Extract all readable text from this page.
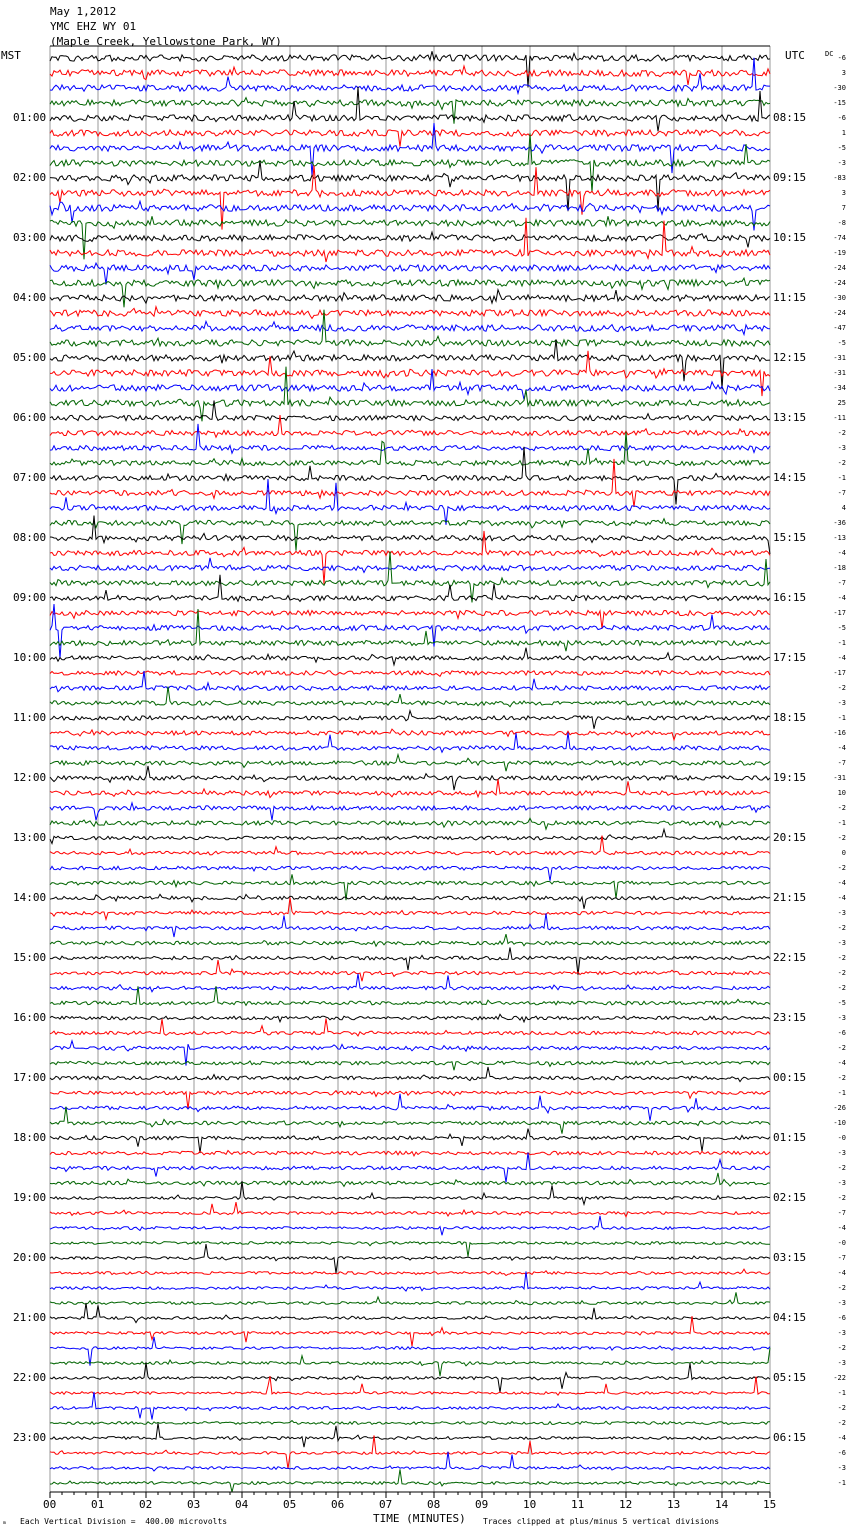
May 1,2012
YMC EHZ WY 01
(Maple Creek, Yellowstone Park, WY)
MST	UTC	DC
01:00
02:00
03:00
04:00
05:00
06:00
07:00
08:00
09:00
10:00
11:00
12:00
13:00
14:00
15:00
16:00
17:00
18:00
19:00
20:00
21:00
22:00
23:00
08:15
09:15
10:15
11:15
12:15
13:15
14:15
15:15
16:15
17:15
18:15
19:15
20:15
21:15
22:15
23:15
00:15
01:15
02:15
03:15
04:15
05:15
06:15
-6
3
-30
-15
-6
1
-5
-3
-83
3
7
-8
-74
-19
-24
-24
-30
-24
-47
-5
-31
-31
-34
25
-11
-2
-3
-2
-1
-7
4
-36
-13
-4
-18
-7
-4
-17
-5
-1
-4
-17
-2
-3
-1
-16
-4
-7
-31
10
-2
-1
-2
0
-2
-4
-4
-3
-2
-3
-2
-2
-2
-5
-3
-6
-2
-4
-2
-1
-26
-10
-0
-3
-2
-3
-2
-7
-4
-0
-7
-4
-2
-3
-6
-3
-2
-3
-22
-1
-2
-2
-4
-6
-3
-1
00	01	02	03	04	05	06	07	08	09	10	11	12	13	14	15
TIME (MINUTES)
ₘ Each Vertical Division =  400.00 microvolts	Traces clipped at plus/minus 5 vertical divisions
